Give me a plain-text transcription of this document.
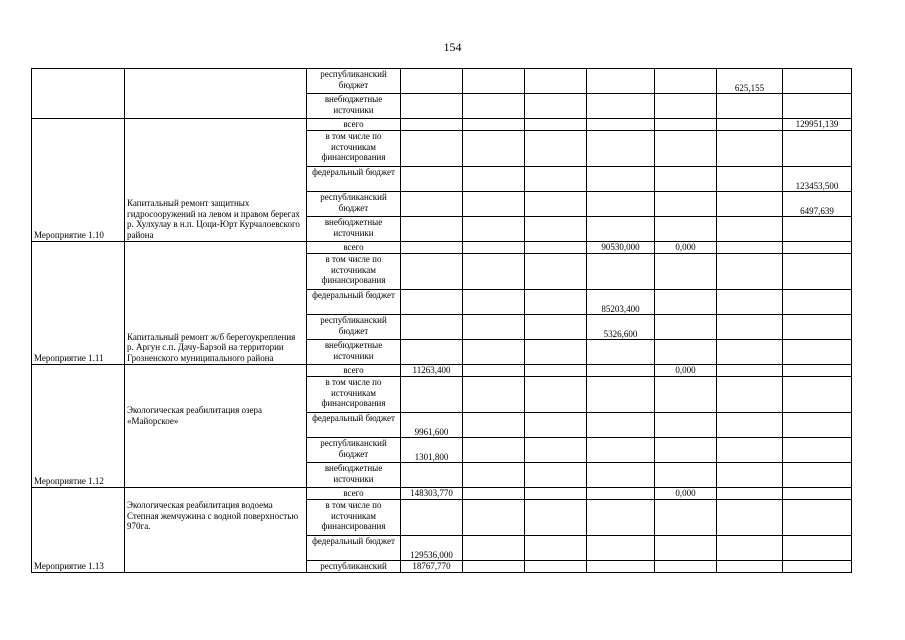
154
		республиканский бюджет						625,155	
		внебюджетные источники							
Мероприятие 1.10	Капитальный ремонт защитных гидросооружений на левом и правом берегах р. Хулхулау в н.п. Цоци-Юрт Курчалоевского района	всего							129951,139
		в том числе по источникам финансирования							
		федеральный бюджет							123453,500
		республиканский бюджет							6497,639
		внебюджетные источники							

Мероприятие 1.11	Капитальный ремонт ж/б берегоукрепления р. Аргун с.п. Дачу-Барзой на территории Грозненского муниципального района	всего				90530,000	0,000		
		в том числе по источникам финансирования							
		федеральный бюджет				85203,400			
		республиканский бюджет				5326,600			
		внебюджетные источники							
Мероприятие 1.12	Экологическая реабилитация озера «Майорское»	всего	11263,400				0,000		
		в том числе по источникам финансирования							
		федеральный бюджет	9961,600						
		республиканский бюджет	1301,800						
		внебюджетные источники							
Мероприятие 1.13	Экологическая реабилитация водоема Степная жемчужина с водной поверхностью 970га.	всего	148303,770				0,000		
		в том числе по источникам финансирования							
		федеральный бюджет	129536,000						
		республиканский	18767,770						
